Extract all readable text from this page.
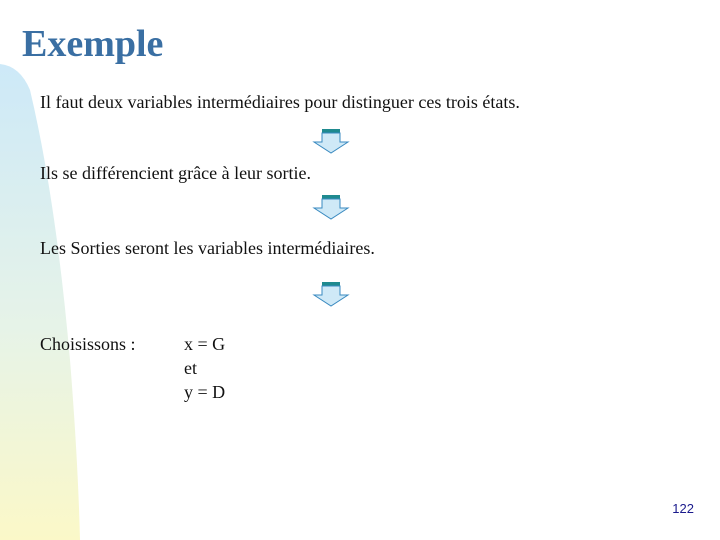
Exemple

Il faut deux variables intermédiaires pour distinguer ces trois états.

Ils se différencient grâce à leur sortie.

Les Sorties seront les variables intermédiaires.

Choisissons :	x = G
et
y = D
122
